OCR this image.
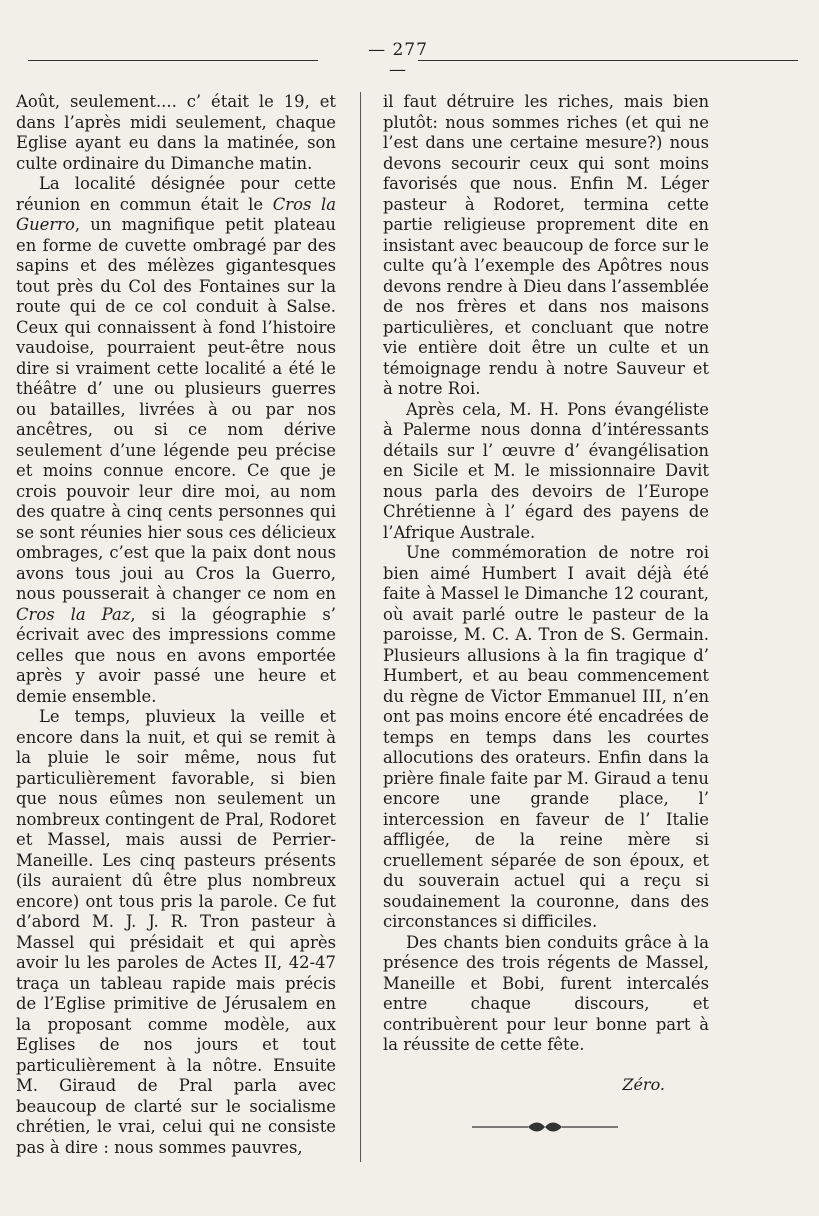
— 277 —

Août, seulement.... c’ était le 19, et dans l’après midi seulement, chaque Eglise ayant eu dans la matinée, son culte ordinaire du Dimanche matin.

La localité désignée pour cette réunion en commun était le Cros la Guerro, un magnifique petit plateau en forme de cuvette ombragé par des sapins et des mélèzes gigantesques tout près du Col des Fontaines sur la route qui de ce col conduit à Salse. Ceux qui connaissent à fond l’histoire vaudoise, pourraient peut-être nous dire si vraiment cette localité a été le théâtre d’ une ou plusieurs guerres ou batailles, livrées à ou par nos ancêtres, ou si ce nom dérive seulement d’une légende peu précise et moins connue encore. Ce que je crois pouvoir leur dire moi, au nom des quatre à cinq cents personnes qui se sont réunies hier sous ces délicieux ombrages, c’est que la paix dont nous avons tous joui au Cros la Guerro, nous pousserait à changer ce nom en Cros la Paz, si la géographie s’ écrivait avec des impressions comme celles que nous en avons emportée après y avoir passé une heure et demie ensemble.

Le temps, pluvieux la veille et encore dans la nuit, et qui se remit à la pluie le soir même, nous fut particulièrement favorable, si bien que nous eûmes non seulement un nombreux contingent de Pral, Rodoret et Massel, mais aussi de Perrier-Maneille. Les cinq pasteurs présents (ils auraient dû être plus nombreux encore) ont tous pris la parole. Ce fut d’abord M. J. J. R. Tron pasteur à Massel qui présidait et qui après avoir lu les paroles de Actes II, 42-47 traça un tableau rapide mais précis de l’Eglise primitive de Jérusalem en la proposant comme modèle, aux Eglises de nos jours et tout particulièrement à la nôtre. Ensuite M. Giraud de Pral parla avec beaucoup de clarté sur le socialisme chrétien, le vrai, celui qui ne consiste pas à dire : nous sommes pauvres,

il faut détruire les riches, mais bien plutôt: nous sommes riches (et qui ne l’est dans une certaine mesure?) nous devons secourir ceux qui sont moins favorisés que nous. Enfin M. Léger pasteur à Rodoret, termina cette partie religieuse proprement dite en insistant avec beaucoup de force sur le culte qu’à l’exemple des Apôtres nous devons rendre à Dieu dans l’assemblée de nos frères et dans nos maisons particulières, et concluant que notre vie entière doit être un culte et un témoignage rendu à notre Sauveur et à notre Roi.

Après cela, M. H. Pons évangéliste à Palerme nous donna d’intéressants détails sur l’ œuvre d’ évangélisation en Sicile et M. le missionnaire Davit nous parla des devoirs de l’Europe Chrétienne à l’ égard des payens de l’Afrique Australe.

Une commémoration de notre roi bien aimé Humbert I avait déjà été faite à Massel le Dimanche 12 courant, où avait parlé outre le pasteur de la paroisse, M. C. A. Tron de S. Germain. Plusieurs allusions à la fin tragique d’ Humbert, et au beau commencement du règne de Victor Emmanuel III, n’en ont pas moins encore été encadrées de temps en temps dans les courtes allocutions des orateurs. Enfin dans la prière finale faite par M. Giraud a tenu encore une grande place, l’ intercession en faveur de l’ Italie affligée, de la reine mère si cruellement séparée de son époux, et du souverain actuel qui a reçu si soudainement la couronne, dans des circonstances si difficiles.

Des chants bien conduits grâce à la présence des trois régents de Massel, Maneille et Bobi, furent intercalés entre chaque discours, et contribuèrent pour leur bonne part à la réussite de cette fête.

Zéro.
